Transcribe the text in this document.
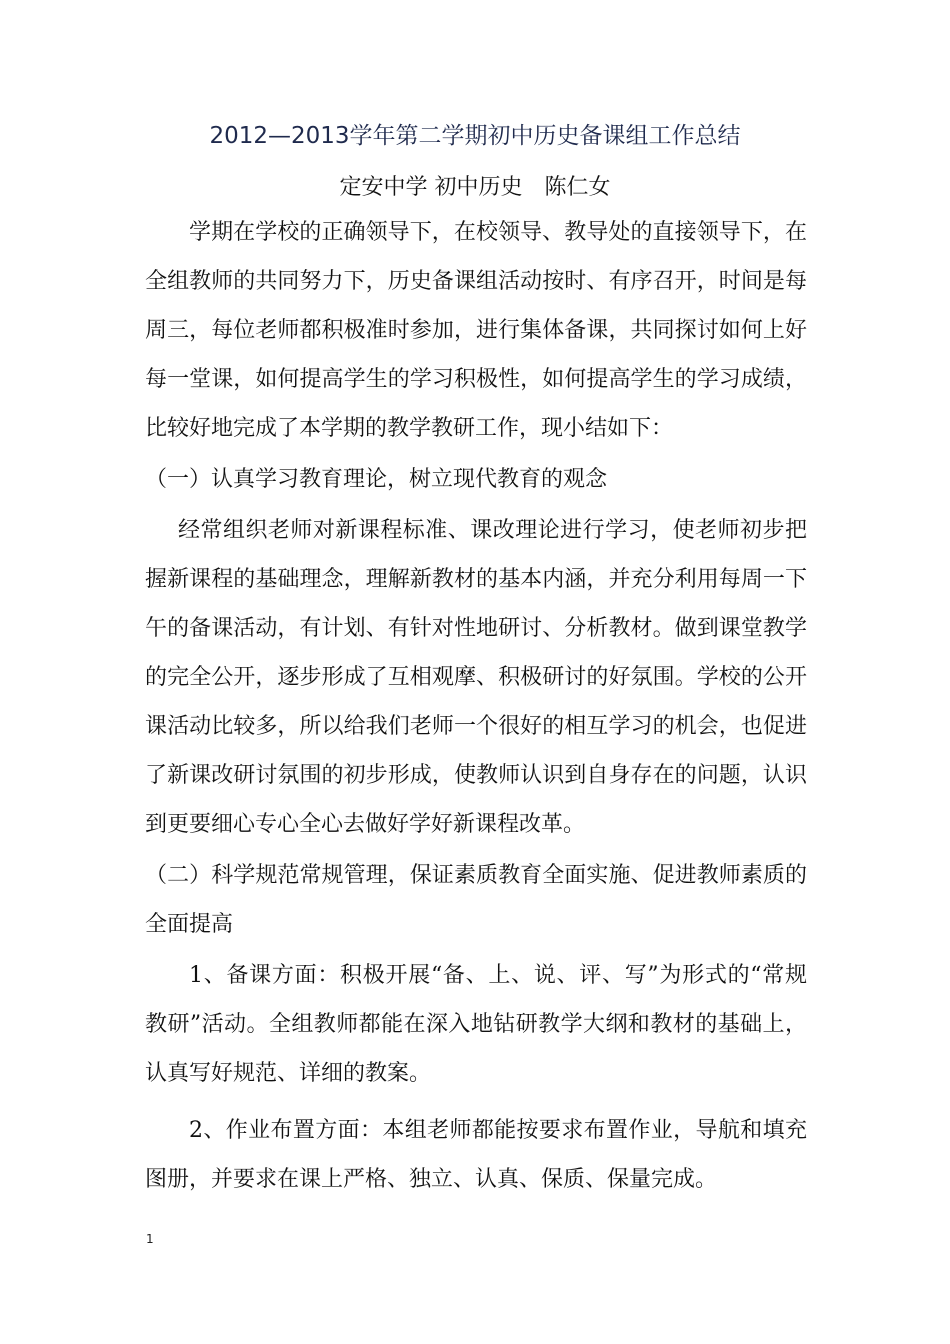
2012—2013学年第二学期初中历史备课组工作总结
定安中学 初中历史　陈仁女

学期在学校的正确领导下，在校领导、教导处的直接领导下，在全组教师的共同努力下，历史备课组活动按时、有序召开，时间是每周三，每位老师都积极准时参加，进行集体备课，共同探讨如何上好每一堂课，如何提高学生的学习积极性，如何提高学生的学习成绩，比较好地完成了本学期的教学教研工作，现小结如下：

（一）认真学习教育理论，树立现代教育的观念

经常组织老师对新课程标准、课改理论进行学习，使老师初步把握新课程的基础理念，理解新教材的基本内涵，并充分利用每周一下午的备课活动，有计划、有针对性地研讨、分析教材。做到课堂教学的完全公开，逐步形成了互相观摩、积极研讨的好氛围。学校的公开课活动比较多，所以给我们老师一个很好的相互学习的机会，也促进了新课改研讨氛围的初步形成，使教师认识到自身存在的问题，认识到更要细心专心全心去做好学好新课程改革。

（二）科学规范常规管理，保证素质教育全面实施、促进教师素质的全面提高

1、备课方面：积极开展“备、上、说、评、写”为形式的“常规教研”活动。全组教师都能在深入地钻研教学大纲和教材的基础上，认真写好规范、详细的教案。

2、作业布置方面：本组老师都能按要求布置作业，导航和填充图册，并要求在课上严格、独立、认真、保质、保量完成。

1
